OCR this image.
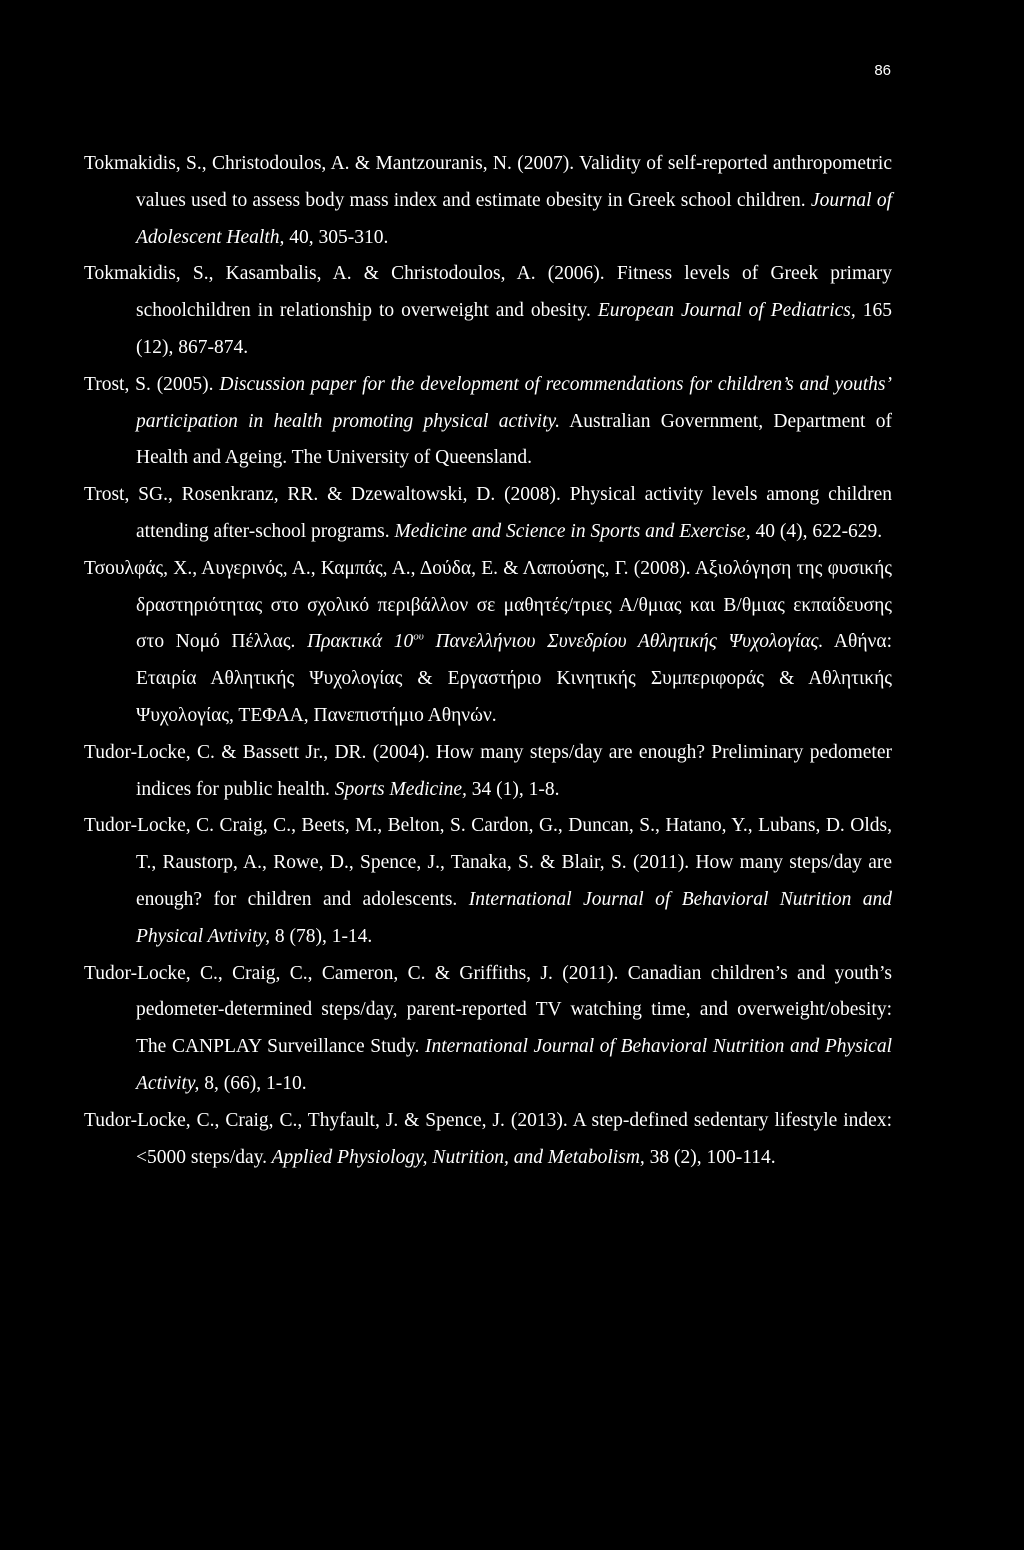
86

Tokmakidis, S., Christodoulos, A. & Mantzouranis, N. (2007). Validity of self-reported anthropometric values used to assess body mass index and estimate obesity in Greek school children. Journal of Adolescent Health, 40, 305-310.

Tokmakidis, S., Kasambalis, A. & Christodoulos, A. (2006). Fitness levels of Greek primary schoolchildren in relationship to overweight and obesity. European Journal of Pediatrics, 165 (12), 867-874.

Trost, S. (2005). Discussion paper for the development of recommendations for children’s and youths’ participation in health promoting physical activity. Australian Government, Department of Health and Ageing. The University of Queensland.

Trost, SG., Rosenkranz, RR. & Dzewaltowski, D. (2008). Physical activity levels among children attending after-school programs. Medicine and Science in Sports and Exercise, 40 (4), 622-629.

Τσουλφάς, Χ., Αυγερινός, Α., Καμπάς, Α., Δούδα, Ε. & Λαπούσης, Γ. (2008). Αξιολόγηση της φυσικής δραστηριότητας στο σχολικό περιβάλλον σε μαθητές/τριες Α/θμιας και Β/θμιας εκπαίδευσης στο Νομό Πέλλας. Πρακτικά $10^{o\upsilon}$ Πανελλήνιου Συνεδρίου Αθλητικής Ψυχολογίας. Αθήνα: Εταιρία Αθλητικής Ψυχολογίας & Εργαστήριο Κινητικής Συμπεριφοράς & Αθλητικής Ψυχολογίας, ΤΕΦΑΑ, Πανεπιστήμιο Αθηνών.

Tudor-Locke, C. & Bassett Jr., DR. (2004). How many steps/day are enough? Preliminary pedometer indices for public health. Sports Medicine, 34 (1), 1-8.

Tudor-Locke, C. Craig, C., Beets, M., Belton, S. Cardon, G., Duncan, S., Hatano, Y., Lubans, D. Olds, T., Raustorp, A., Rowe, D., Spence, J., Tanaka, S. & Blair, S. (2011). How many steps/day are enough? for children and adolescents. International Journal of Behavioral Nutrition and Physical Avtivity, 8 (78), 1-14.

Tudor-Locke, C., Craig, C., Cameron, C. & Griffiths, J. (2011). Canadian children’s and youth’s pedometer-determined steps/day, parent-reported TV watching time, and overweight/obesity: The CANPLAY Surveillance Study. International Journal of Behavioral Nutrition and Physical Activity, 8, (66), 1-10.

Tudor-Locke, C., Craig, C., Thyfault, J. & Spence, J. (2013). A step-defined sedentary lifestyle index: <5000 steps/day. Applied Physiology, Nutrition, and Metabolism, 38 (2), 100-114.
